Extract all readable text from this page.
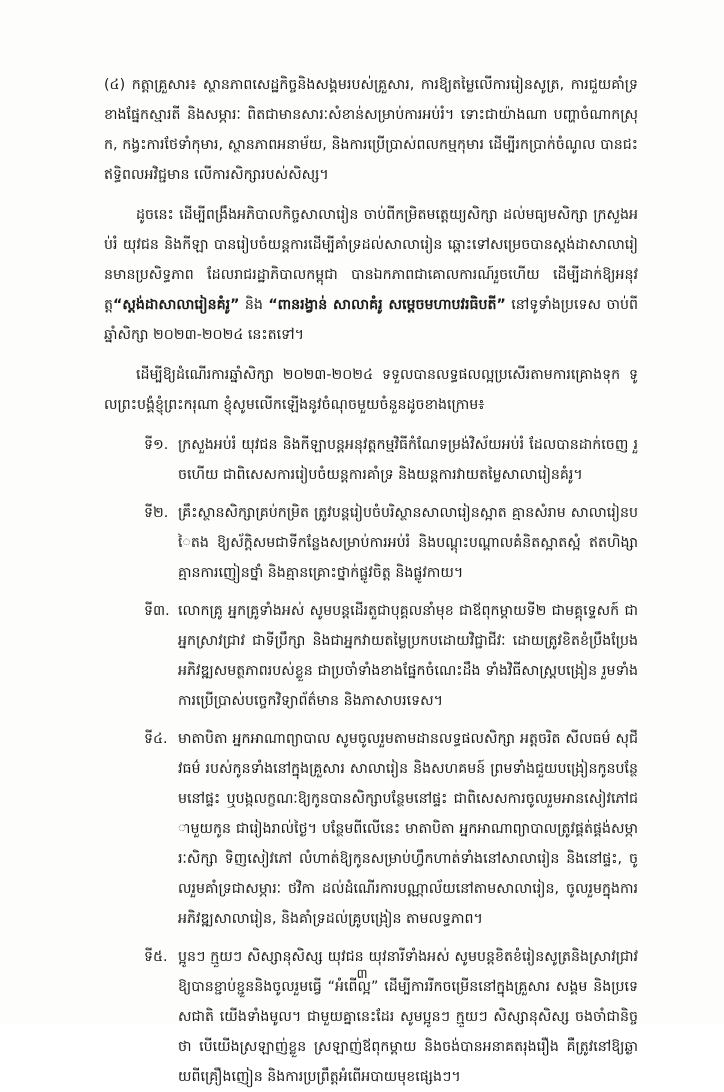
(៤) កត្តាគ្រួសារ៖ ស្ថានភាពសេដ្ឋកិច្ចនិងសង្គមរបស់គ្រួសារ, ការឱ្យតម្លៃលើការរៀនសូត្រ, ការជួយគាំទ្រខាងផ្នែកស្មារតី និងសម្ភារៈ ពិតជាមានសារៈសំខាន់សម្រាប់ការអប់រំ។ ទោះជាយ៉ាងណា បញ្ហាចំណាកស្រុក, កង្វះការថែទាំកុមារ, ស្ថានភាពអនាម័យ, និងការប្រើប្រាស់ពលកម្មកុមារ ដើម្បីរកប្រាក់ចំណូល បានជះឥទ្ធិពលអវិជ្ជមាន លើការសិក្សារបស់សិស្ស។

ដូចនេះ ដើម្បីពង្រឹងអភិបាលកិច្ចសាលារៀន ចាប់ពីកម្រិតមត្តេយ្យសិក្សា ដល់មធ្យមសិក្សា ក្រសួងអប់រំ យុវជន និងកីឡា បានរៀបចំយន្តការដើម្បីគាំទ្រដល់សាលារៀន ឆ្ពោះទៅសម្រេចបានស្តង់ដាសាលារៀនមានប្រសិទ្ធភាព ដែលរាជរដ្ឋាភិបាលកម្ពុជា បានឯកភាពជាគោលការណ៍រួចហើយ ដើម្បីដាក់ឱ្យអនុវត្ត“ស្តង់ដាសាលារៀនគំរូ” និង “ពានរង្វាន់ សាលាគំរូ សម្តេចមហាបវរធិបតី” នៅទូទាំងប្រទេស ចាប់ពីឆ្នាំសិក្សា ២០២៣-២០២៤ នេះតទៅ។

ដើម្បីឱ្យដំណើរការឆ្នាំសិក្សា ២០២៣-២០២៤ ទទួលបានលទ្ធផលល្អប្រសើរតាមការគ្រោងទុក ទូលព្រះបង្គំខ្ញុំព្រះករុណា ខ្ញុំសូមលើកឡើងនូវចំណុចមួយចំនួនដូចខាងក្រោម៖

ទី១. ក្រសួងអប់រំ យុវជន និងកីឡាបន្តអនុវត្តកម្មវិធីកំណែទម្រង់វិស័យអប់រំ ដែលបានដាក់ចេញ រួចហើយ ជាពិសេសការរៀបចំយន្តការគាំទ្រ និងយន្តការវាយតម្លៃសាលារៀនគំរូ។
ទី២. គ្រឹះស្ថានសិក្សាគ្រប់កម្រិត ត្រូវបន្តរៀបចំបរិស្ថានសាលារៀនស្អាត គ្មានសំរាម សាលារៀនបៃតង ឱ្យស័ក្តិសមជាទីកន្លែងសម្រាប់ការអប់រំ និងបណ្តុះបណ្តាលគំនិតស្អាតស្អំ ឥតហិង្សា គ្មានការញៀនថ្នាំ និងគ្មានគ្រោះថ្នាក់ផ្លូវចិត្ត និងផ្លូវកាយ។
ទី៣. លោកគ្រូ អ្នកគ្រូទាំងអស់ សូមបន្តដើរតួជាបុគ្គលនាំមុខ ជាឪពុកម្តាយទី២ ជាមគ្គុទ្ទេសក៍ ជាអ្នកស្រាវជ្រាវ ជាទីប្រឹក្សា និងជាអ្នកវាយតម្លៃប្រកបដោយវិជ្ជាជីវៈ ដោយត្រូវខិតខំប្រឹងប្រែងអភិវឌ្ឍសមត្ថភាពរបស់ខ្លួន ជាប្រចាំទាំងខាងផ្នែកចំណេះដឹង ទាំងវិធីសាស្ត្របង្រៀន រួមទាំងការប្រើប្រាស់បច្ចេកវិទ្យាព័ត៌មាន និងភាសាបរទេស។
ទី៤. មាតាបិតា អ្នកអាណាព្យាបាល សូមចូលរួមតាមដានលទ្ធផលសិក្សា អត្តចរិត សីលធម៌ សុជីវធម៌ របស់កូនទាំងនៅក្នុងគ្រួសារ សាលារៀន និងសហគមន៍ ព្រមទាំងជួយបង្រៀនកូនបន្ថែមនៅផ្ទះ ឬបង្កលក្ខណៈឱ្យកូនបានសិក្សាបន្ថែមនៅផ្ទះ ជាពិសេសការចូលរួមអានសៀវភៅជាមួយកូន ជារៀងរាល់ថ្ងៃ។ បន្ថែមពីលើនេះ មាតាបិតា អ្នកអាណាព្យាបាលត្រូវផ្គត់ផ្គង់សម្ភារៈសិក្សា ទិញសៀវភៅ លំហាត់ឱ្យកូនសម្រាប់ហ្វឹកហាត់ទាំងនៅសាលារៀន និងនៅផ្ទះ, ចូលរួមគាំទ្រជាសម្ភារៈ ថវិកា ដល់ដំណើរការបណ្ណាល័យនៅតាមសាលារៀន, ចូលរួមក្នុងការអភិវឌ្ឍសាលារៀន, និងគាំទ្រដល់គ្រូបង្រៀន តាមលទ្ធភាព។
ទី៥. ប្អូនៗ ក្មួយៗ សិស្សានុសិស្ស យុវជន យុវនារីទាំងអស់ សូមបន្តខិតខំរៀនសូត្រនិងស្រាវជ្រាវ ឱ្យបានខ្ជាប់ខ្ជួននិងចូលរួមធ្វើ “អំពើល្អ” ដើម្បីការរីកចម្រើននៅក្នុងគ្រួសារ សង្គម និងប្រទេសជាតិ យើងទាំងមូល។ ជាមួយគ្នានេះដែរ សូមប្អូនៗ ក្មួយៗ សិស្សានុសិស្ស ចងចាំជានិច្ចថា បើយើងស្រឡាញ់ខ្លួន ស្រឡាញ់ឪពុកម្តាយ និងចង់បានអនាគតរុងរឿង គឺត្រូវនៅឱ្យឆ្ងាយពីគ្រឿងញៀន និងការប្រព្រឹត្តអំពើអបាយមុខផ្សេងៗ។
៣
